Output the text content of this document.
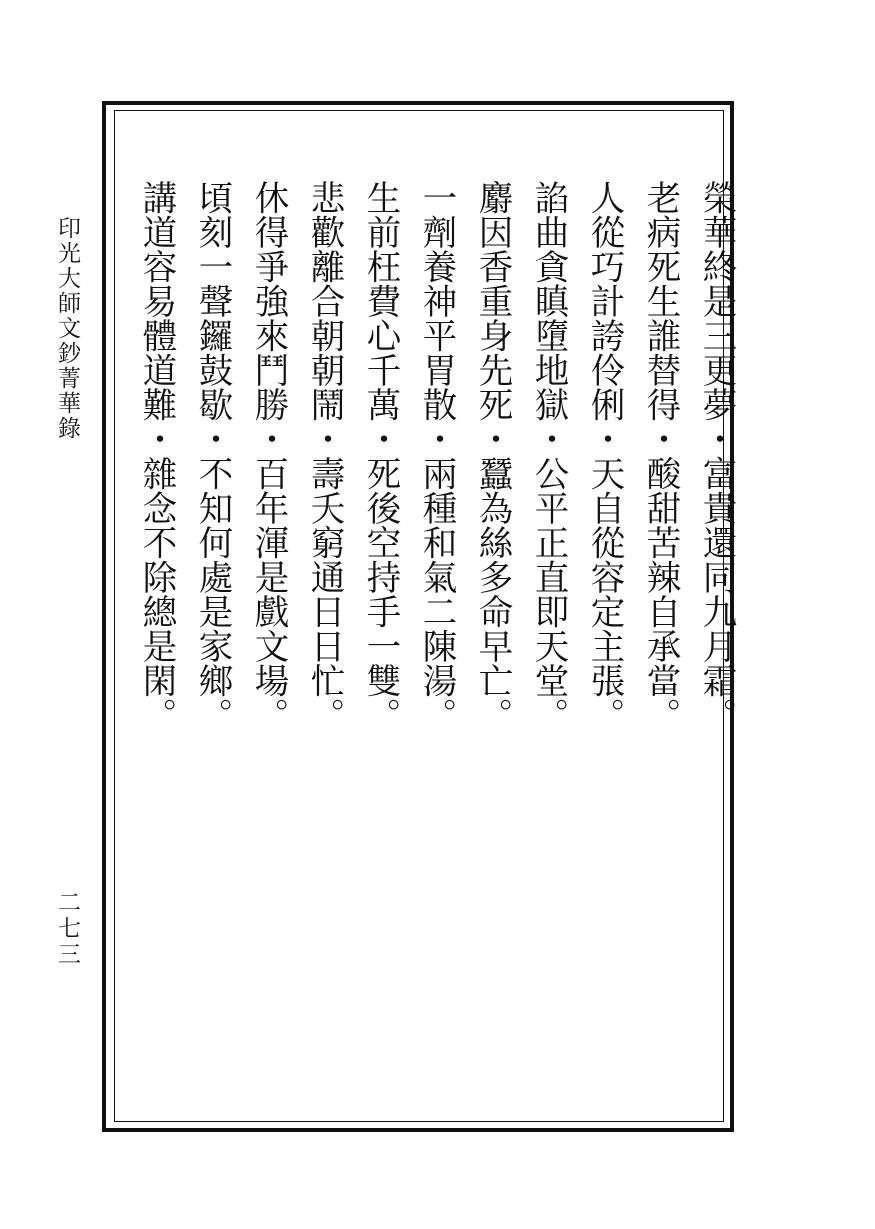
印光大師文鈔菁華錄
二七三
榮華終是三更夢・富貴還同九月霜。
老病死生誰替得・酸甜苦辣自承當。
人從巧計誇伶俐・天自從容定主張。
諂曲貪瞋墮地獄・公平正直即天堂。
麝因香重身先死・蠶為絲多命早亡。
一劑養神平胃散・兩種和氣二陳湯。
生前枉費心千萬・死後空持手一雙。
悲歡離合朝朝鬧・壽夭窮通日日忙。
休得爭強來鬥勝・百年渾是戲文場。
頃刻一聲鑼鼓歇・不知何處是家鄉。
講道容易體道難・雜念不除總是閑。
